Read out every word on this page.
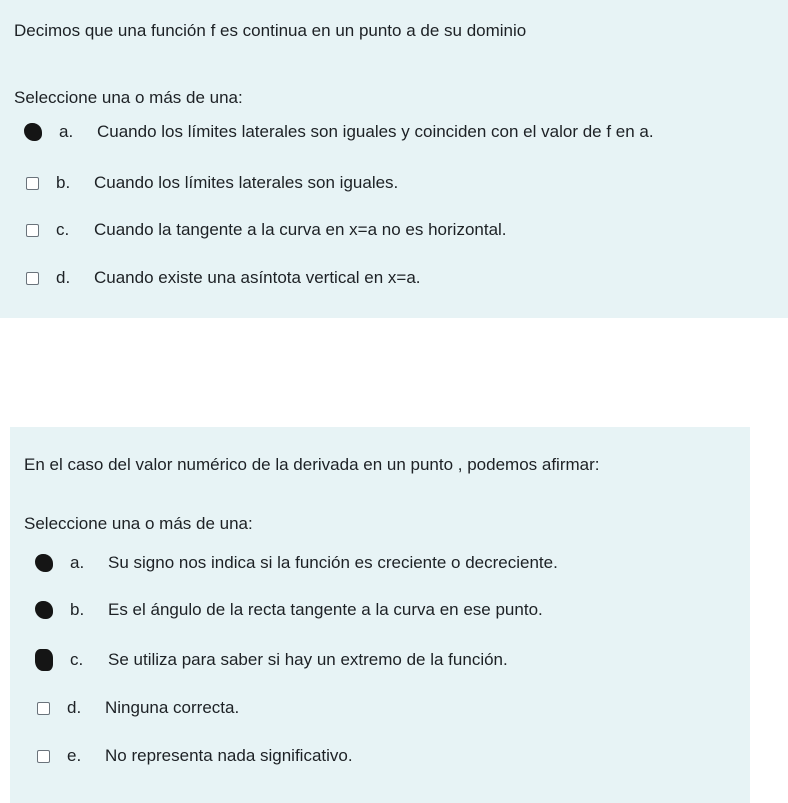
Decimos que una función f es continua en un punto a de su dominio
Seleccione una o más de una:
a.	Cuando los límites laterales son iguales y coinciden con el valor de f en a.
b.	Cuando los límites laterales son iguales.
c.	Cuando la tangente a la curva en x=a no es horizontal.
d.	Cuando existe una asíntota vertical en x=a.
En el caso del valor numérico de la derivada en un punto , podemos afirmar:
Seleccione una o más de una:
a.	Su signo nos indica si la función es creciente o decreciente.
b.	Es el ángulo de la recta tangente a la curva en ese punto.
c.	Se utiliza para saber si hay un extremo de la función.
d.	Ninguna correcta.
e.	No representa nada significativo.
